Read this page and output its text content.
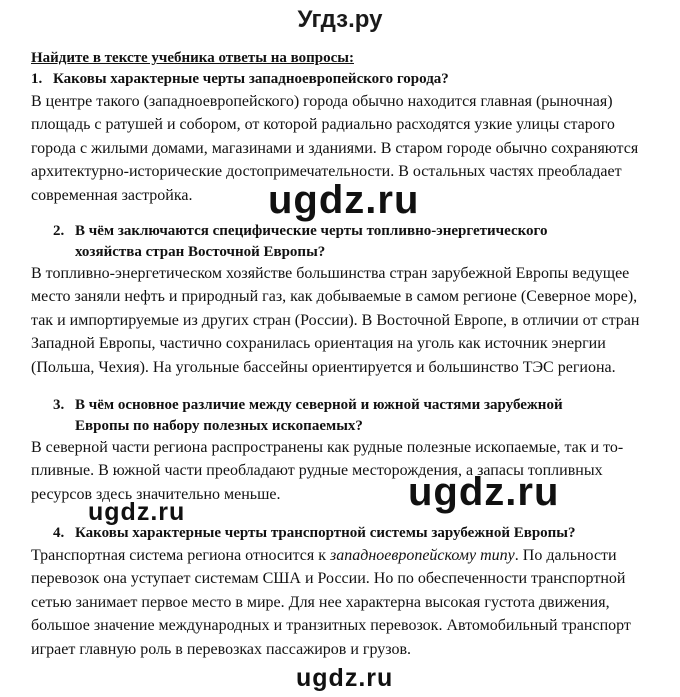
Угдз.ру
Найдите в тексте учебника ответы на вопросы:
1. Каковы характерные черты западноевропейского города?
В центре такого (западноевропейского) города обычно находится главная (рыночная)
площадь с ратушей и собором, от которой радиально расходятся узкие улицы старого
города с жилыми домами, магазинами и зданиями. В старом городе обычно сохраняются
архитектурно-исторические достопримечательности. В остальных частях преобладает
современная застройка.
2. В чём заключаются специфические черты топливно-энергетического
хозяйства стран Восточной Европы?
В топливно-энергетическом хозяйстве большинства стран зарубежной Европы ведущее
место заняли нефть и природный газ, как добываемые в самом регионе (Северное море),
так и импортируемые из других стран (России). В Восточной Европе, в отличии от стран
Западной Европы, частично сохранилась ориентация на уголь как источник энергии
(Польша, Чехия). На угольные бассейны ориентируется и большинство ТЭС региона.
3. В чём основное различие между северной и южной частями зарубежной
Европы по набору полезных ископаемых?
В северной части региона распространены как рудные полезные ископаемые, так и то-
пливные. В южной части преобладают рудные месторождения, а запасы топливных
ресурсов здесь значительно меньше.
4. Каковы характерные черты транспортной системы зарубежной Европы?
Транспортная система региона относится к западноевропейскому типу. По дальности
перевозок она уступает системам США и России. Но по обеспеченности транспортной
сетью занимает первое место в мире. Для нее характерна высокая густота движения,
большое значение международных и транзитных перевозок. Автомобильный транспорт
играет главную роль в перевозках пассажиров и грузов.
ugdz.ru
ugdz.ru
ugdz.ru
ugdz.ru
